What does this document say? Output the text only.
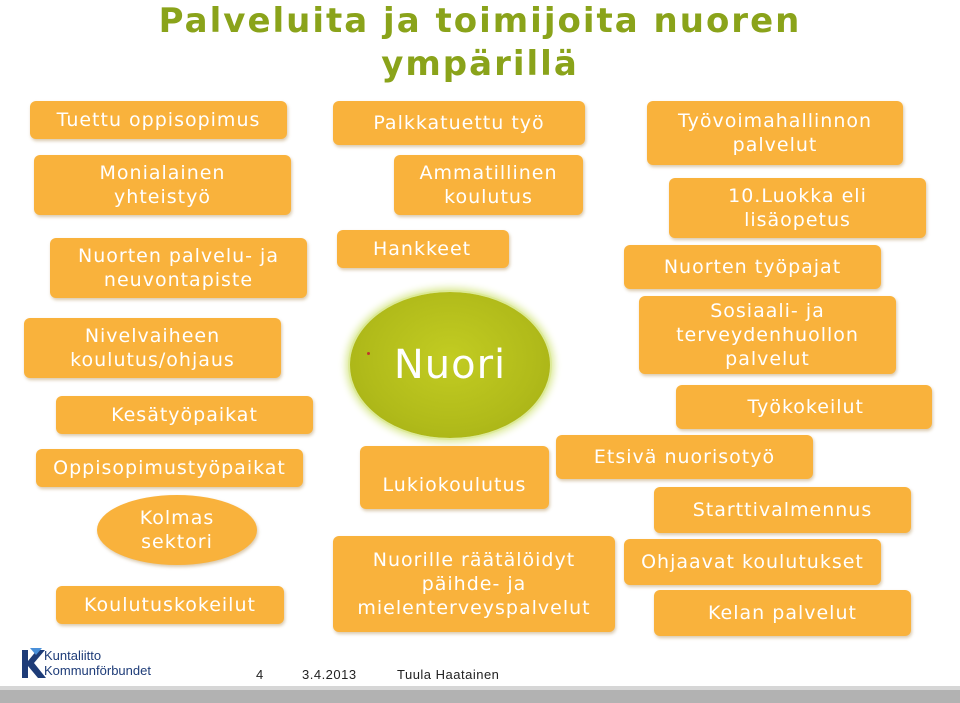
Palveluita ja toimijoita nuoren
ympärillä
Tuettu oppisopimus
Monialainen
yhteistyö
Nuorten palvelu- ja
neuvontapiste
Nivelvaiheen
koulutus/ohjaus
Kesätyöpaikat
Oppisopimustyöpaikat
Kolmas
sektori
Koulutuskokeilut
Palkkatuettu työ
Ammatillinen
koulutus
Hankkeet
Nuori
Lukiokoulutus
Nuorille räätälöidyt
päihde- ja
mielenterveyspalvelut
Työvoimahallinnon
palvelut
10.Luokka eli
lisäopetus
Nuorten työpajat
Sosiaali- ja
terveydenhuollon
palvelut
Työkokeilut
Etsivä nuorisotyö
Starttivalmennus
Ohjaavat koulutukset
Kelan palvelut
Kuntaliitto
Kommunförbundet	4	3.4.2013	Tuula Haatainen
